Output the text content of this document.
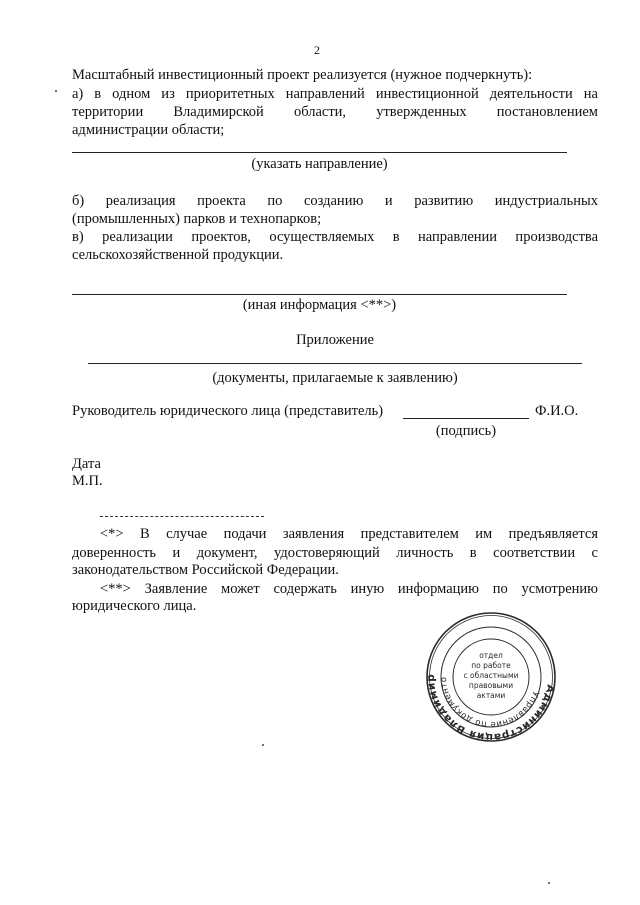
2
Масштабный инвестиционный проект реализуется (нужное подчеркнуть):
а) в одном из приоритетных направлений инвестиционной деятельности на
территории Владимирской области, утвержденных постановлением
администрации области;
(указать направление)
б) реализация проекта по созданию и развитию индустриальных
(промышленных) парков и технопарков;
в) реализации проектов, осуществляемых в направлении производства
сельскохозяйственной продукции.
(иная информация <**>)
Приложение
(документы, прилагаемые к заявлению)
Руководитель юридического лица (представитель)	Ф.И.О.
(подпись)
Дата
М.П.
<*> В случае подачи заявления представителем им предъявляется
доверенность и документ, удостоверяющий личность в соответствии с
законодательством Российской Федерации.
<**> Заявление может содержать иную информацию по усмотрению
юридического лица.
Администрация Владимир
Управление по документо
отдел
по работе
с областными
правовыми
актами
